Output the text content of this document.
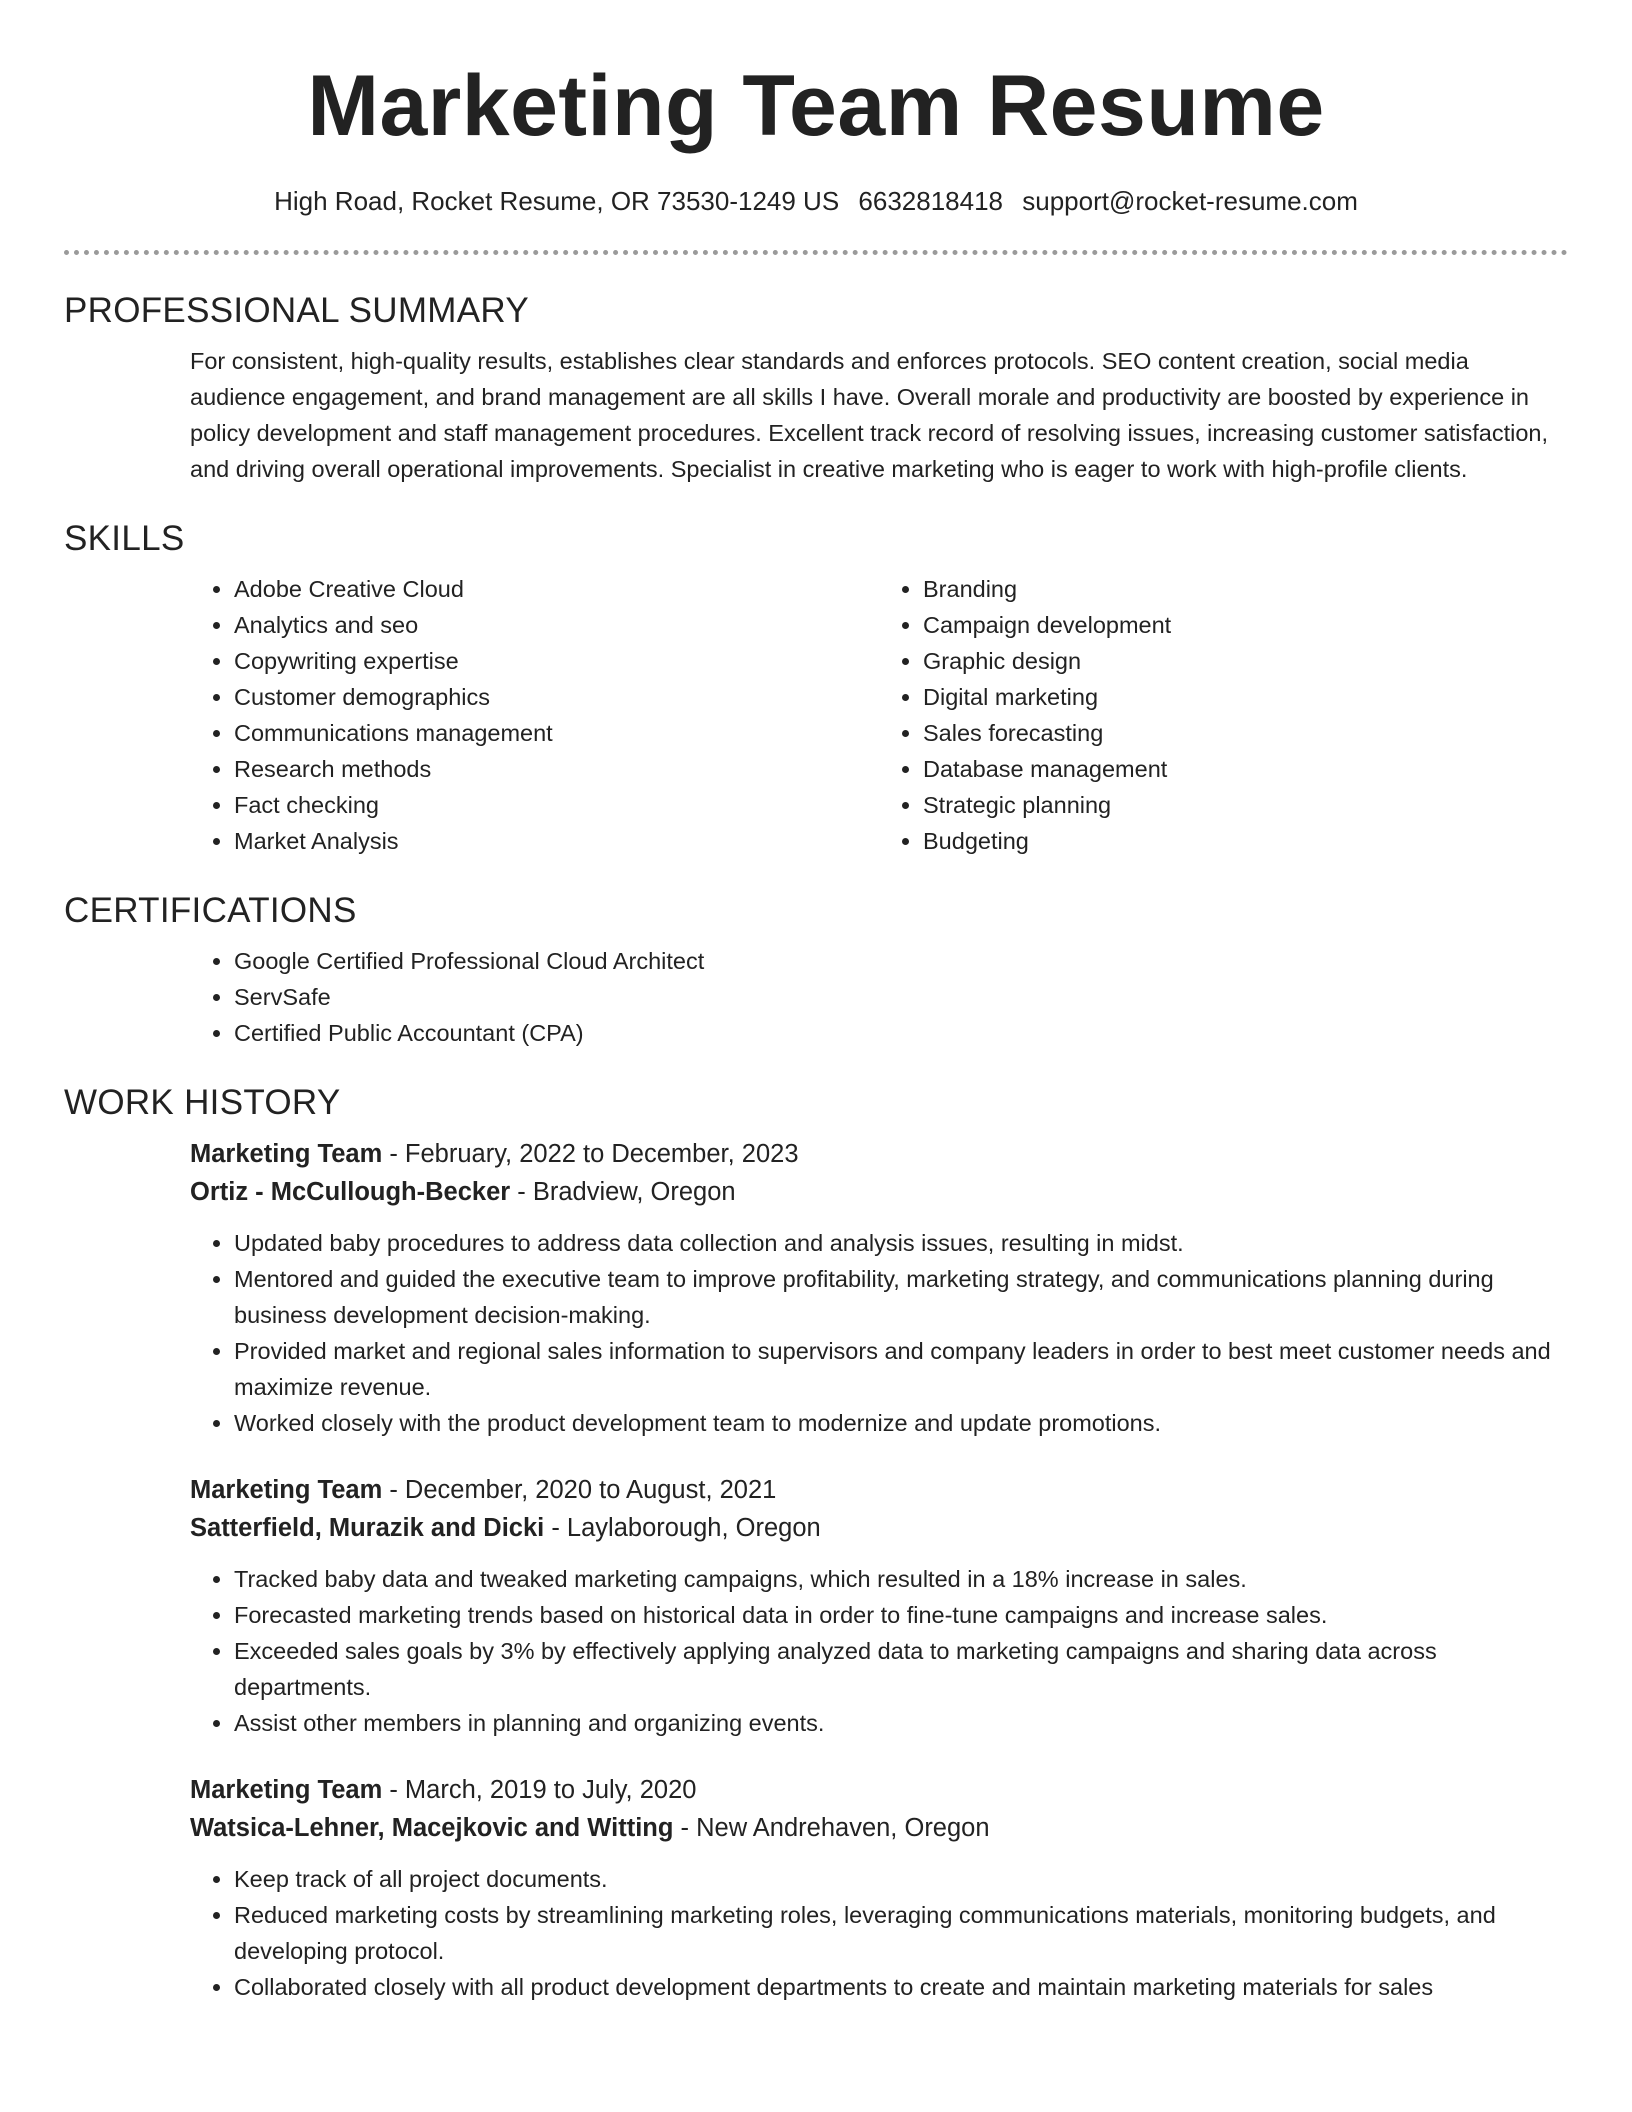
Marketing Team Resume
High Road, Rocket Resume, OR 73530-1249 US 6632818418 support@rocket-resume.com
PROFESSIONAL SUMMARY
For consistent, high-quality results, establishes clear standards and enforces protocols. SEO content creation, social media audience engagement, and brand management are all skills I have. Overall morale and productivity are boosted by experience in policy development and staff management procedures. Excellent track record of resolving issues, increasing customer satisfaction, and driving overall operational improvements. Specialist in creative marketing who is eager to work with high-profile clients.
SKILLS
• Adobe Creative Cloud
• Analytics and seo
• Copywriting expertise
• Customer demographics
• Communications management
• Research methods
• Fact checking
• Market Analysis
• Branding
• Campaign development
• Graphic design
• Digital marketing
• Sales forecasting
• Database management
• Strategic planning
• Budgeting
CERTIFICATIONS
• Google Certified Professional Cloud Architect
• ServSafe
• Certified Public Accountant (CPA)
WORK HISTORY
Marketing Team - February, 2022 to December, 2023
Ortiz - McCullough-Becker - Bradview, Oregon
• Updated baby procedures to address data collection and analysis issues, resulting in midst.
• Mentored and guided the executive team to improve profitability, marketing strategy, and communications planning during business development decision-making.
• Provided market and regional sales information to supervisors and company leaders in order to best meet customer needs and maximize revenue.
• Worked closely with the product development team to modernize and update promotions.
Marketing Team - December, 2020 to August, 2021
Satterfield, Murazik and Dicki - Laylaborough, Oregon
• Tracked baby data and tweaked marketing campaigns, which resulted in a 18% increase in sales.
• Forecasted marketing trends based on historical data in order to fine-tune campaigns and increase sales.
• Exceeded sales goals by 3% by effectively applying analyzed data to marketing campaigns and sharing data across departments.
• Assist other members in planning and organizing events.
Marketing Team - March, 2019 to July, 2020
Watsica-Lehner, Macejkovic and Witting - New Andrehaven, Oregon
• Keep track of all project documents.
• Reduced marketing costs by streamlining marketing roles, leveraging communications materials, monitoring budgets, and developing protocol.
• Collaborated closely with all product development departments to create and maintain marketing materials for sales
